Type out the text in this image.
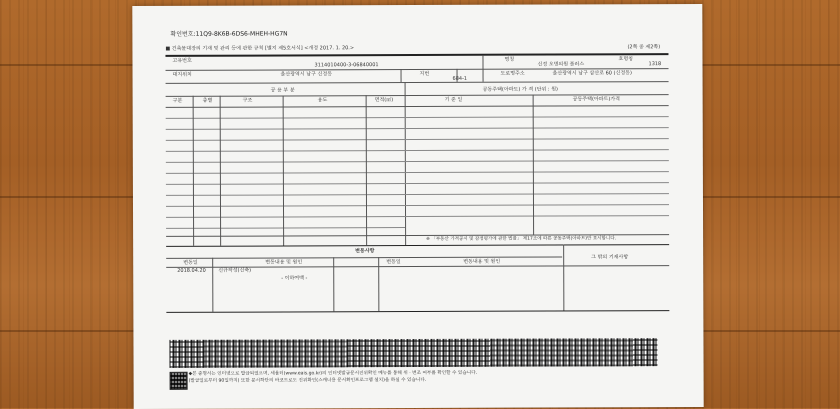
확인번호:11Q9-8K6B-6DS6-MHEH-HG7N
■ 건축물대장의 기재 및 관리 등에 관한 규칙 [별지 제5호서식] <개정 2017. 1. 20.>	(2쪽 중 제2쪽)
고유번호
3114010400-3-06840001
명칭
신정 오병의원 플러스
호명칭
1318
대지위치	울산광역시 남구 신정동	지번
684-1
도로명주소	울산광역시 남구 삼산로 60 (신정동)
공 용 부 분	공동주택(아파트) 가 격 (단위 : 원)
구분	층별	구조	용도	면적(㎡)	기 준 일	공동주택(아파트)가격
※ 「부동산 가격공시 및 감정평가에 관한 법률」 제17조에 따른 공동주택(아파트)만 표시합니다.
변동사항
그 밖의 기재사항
변동일	변동내용 및 원인	변동일	변동내용 및 원인
2018.04.20 신규작성(신축)
- 이하여백 -
◆본 증명서는 인터넷으로 발급되었으며, 세움터(www.eais.go.kr)의 인터넷발급문서진위확인 메뉴를 통해 위 · 변조 여부를 확인할 수 있습니다.
(발급일로부터 90일까지) 또한 문서하단의 바코드로도 진위확인(스캐너용 문서확인프로그램 설치)을 하실 수 있습니다.
